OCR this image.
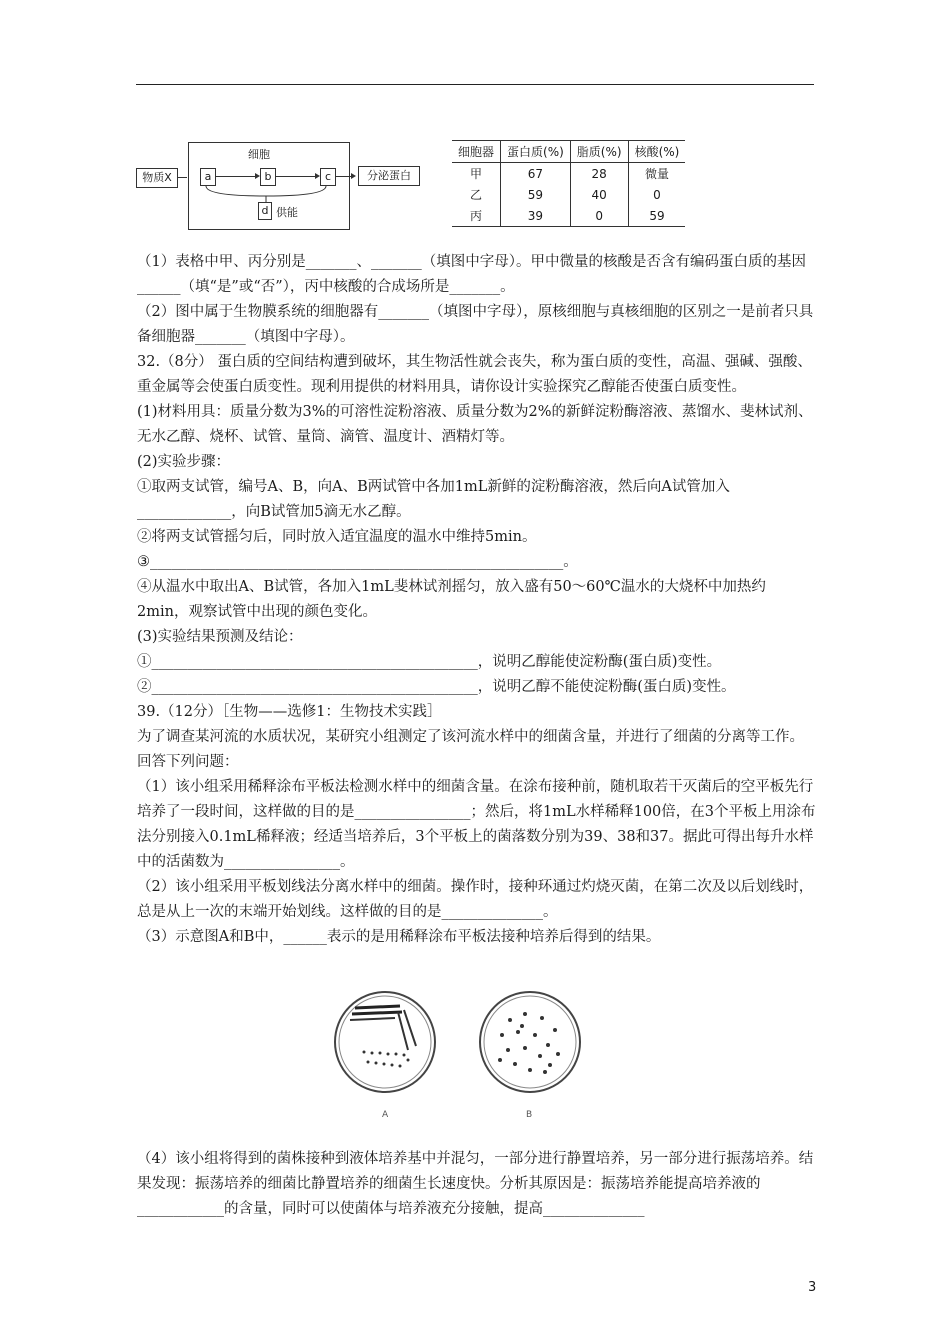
物质X
细胞
a	b	c	分泌蛋白
d 供能
细胞器	蛋白质(%)	脂质(%)	核酸(%)
甲	67	28	微量
乙	59	40	0
丙	39	0	59

（1）表格中甲、丙分别是_______、_______（填图中字母）。甲中微量的核酸是否含有编码蛋白质的基因______（填“是”或“否”），丙中核酸的合成场所是_______。

（2）图中属于生物膜系统的细胞器有_______（填图中字母），原核细胞与真核细胞的区别之一是前者只具备细胞器_______（填图中字母）。

32.（8分） 蛋白质的空间结构遭到破坏，其生物活性就会丧失，称为蛋白质的变性，高温、强碱、强酸、重金属等会使蛋白质变性。现利用提供的材料用具，请你设计实验探究乙醇能否使蛋白质变性。

(1)材料用具：质量分数为3%的可溶性淀粉溶液、质量分数为2%的新鲜淀粉酶溶液、蒸馏水、斐林试剂、无水乙醇、烧杯、试管、量筒、滴管、温度计、酒精灯等。

(2)实验步骤：

①取两支试管，编号A、B，向A、B两试管中各加1mL新鲜的淀粉酶溶液，然后向A试管加入_____________，向B试管加5滴无水乙醇。

②将两支试管摇匀后，同时放入适宜温度的温水中维持5min。

③_________________________________________________________。

④从温水中取出A、B试管，各加入1mL斐林试剂摇匀，放入盛有50～60℃温水的大烧杯中加热约2min，观察试管中出现的颜色变化。

(3)实验结果预测及结论：

①_____________________________________________，说明乙醇能使淀粉酶(蛋白质)变性。

②_____________________________________________，说明乙醇不能使淀粉酶(蛋白质)变性。

39.（12分）［生物——选修1：生物技术实践］

为了调查某河流的水质状况，某研究小组测定了该河流水样中的细菌含量，并进行了细菌的分离等工作。回答下列问题：

（1）该小组采用稀释涂布平板法检测水样中的细菌含量。在涂布接种前，随机取若干灭菌后的空平板先行培养了一段时间，这样做的目的是________________；然后，将1mL水样稀释100倍，在3个平板上用涂布法分别接入0.1mL稀释液；经适当培养后，3个平板上的菌落数分别为39、38和37。据此可得出每升水样中的活菌数为________________。

（2）该小组采用平板划线法分离水样中的细菌。操作时，接种环通过灼烧灭菌，在第二次及以后划线时，总是从上一次的末端开始划线。这样做的目的是______________。

（3）示意图A和B中，______表示的是用稀释涂布平板法接种培养后得到的结果。

A	B

（4）该小组将得到的菌株接种到液体培养基中并混匀，一部分进行静置培养，另一部分进行振荡培养。结果发现：振荡培养的细菌比静置培养的细菌生长速度快。分析其原因是：振荡培养能提高培养液的____________的含量，同时可以使菌体与培养液充分接触，提高______________

3
